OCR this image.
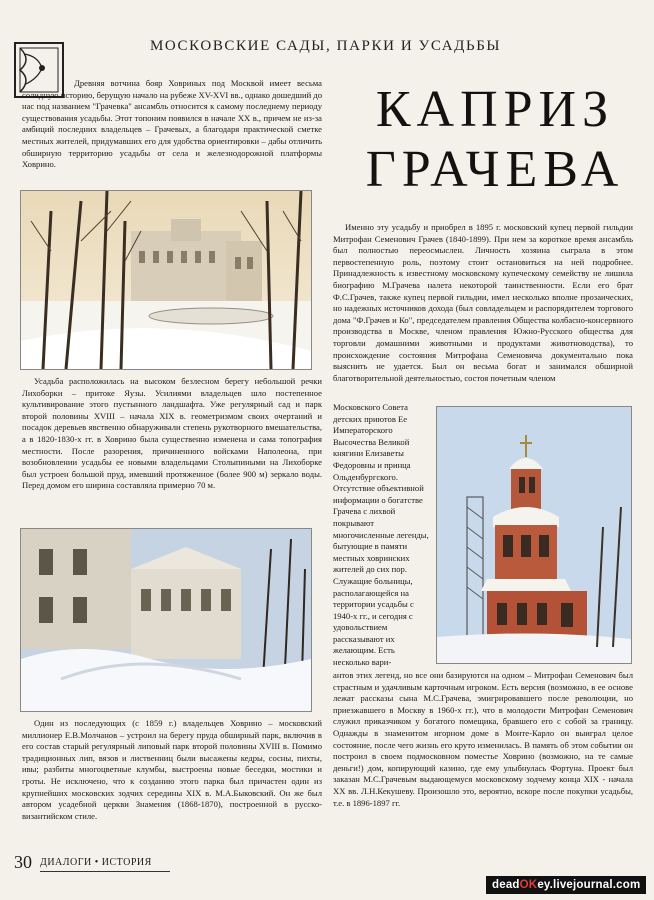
МОСКОВСКИЕ САДЫ, ПАРКИ И УСАДЬБЫ
КАПРИЗ
ГРАЧЕВА

Древняя вотчина бояр Ховриных под Москвой имеет весьма солидную историю, берущую начало на рубеже XV-XVI вв., однако дошедший до нас под названием "Грачевка" ансамбль относится к самому последнему периоду существования усадьбы. Этот топоним появился в начале XX в., причем не из-за амбиций последних владельцев – Грачевых, а благодаря практической сметке местных жителей, придумавших его для удобства ориентировки – дабы отличить обширную территорию усадьбы от села и железнодорожной платформы Ховрино.

Усадьба расположилась на высоком безлесном берегу небольшой речки Лихоборки – притоке Яузы. Усилиями владельцев шло постепенное культивирование этого пустынного ландшафта. Уже регулярный сад и парк второй половины XVIII – начала XIX в. геометризмом своих очертаний и посадок деревьев явственно обнаруживали степень рукотворного вмешательства, а в 1820-1830-х гг. в Ховрино была существенно изменена и сама топография местности. После разорения, причиненного войсками Наполеона, при возобновлении усадьбы ее новыми владельцами Столыпиными на Лихоборке был устроен большой пруд, имевший протяженное (более 900 м) зеркало воды. Перед домом его ширина составляла примерно 70 м.

Один из последующих (с 1859 г.) владельцев Ховрино – московский миллионер Е.В.Молчанов – устроил на берегу пруда обширный парк, включив в его состав старый регулярный липовый парк второй половины XVIII в. Помимо традиционных лип, вязов и лиственниц были высажены кедры, сосны, пихты, ивы; разбиты многоцветные клумбы, выстроены новые беседки, мостики и гроты. Не исключено, что к созданию этого парка был причастен один из крупнейших московских зодчих середины XIX в. М.А.Быковский. Он же был автором усадебной церкви Знамения (1868-1870), построенной в русско-византийском стиле.

Именно эту усадьбу и приобрел в 1895 г. московский купец первой гильдии Митрофан Семенович Грачев (1840-1899). При нем за короткое время ансамбль был полностью переосмыслен. Личность хозяина сыграла в этом первостепенную роль, поэтому стоит остановиться на ней подробнее. Принадлежность к известному московскому купеческому семейству не лишила биографию М.Грачева налета некоторой таинственности. Если его брат Ф.С.Грачев, также купец первой гильдии, имел несколько вполне прозаических, но надежных источников дохода (был совладельцем и распорядителем торгового дома "Ф.Грачев и Ко", председателем правления Общества колбасно-консервного производства в Москве, членом правления Южно-Русского общества для торговли домашними животными и продуктами животноводства), то происхождение состояния Митрофана Семеновича документально пока выяснить не удается. Был он весьма богат и занимался обширной благотворительной деятельностью, состоя почетным членом

Московского Совета детских приютов Ее Императорского Высочества Великой княгини Елизаветы Федоровны и принца Ольденбургского. Отсутствие объективной информации о богатстве Грачева с лихвой покрывают многочисленные легенды, бытующие в памяти местных ховринских жителей до сих пор. Служащие больницы, располагающейся на территории усадьбы с 1940-х гг., и сегодня с удовольствием рассказывают их желающим. Есть несколько вари-

антов этих легенд, но все они базируются на одном – Митрофан Семенович был страстным и удачливым карточным игроком. Есть версия (возможно, в ее основе лежат рассказы сына М.С.Грачева, эмигрировавшего после революции, но приезжавшего в Москву в 1960-х гг.), что в молодости Митрофан Семенович служил приказчиком у богатого помещика, бравшего его с собой за границу. Однажды в знаменитом игорном доме в Монте-Карло он выиграл целое состояние, после чего жизнь его круто изменилась. В память об этом событии он построил в своем подмосковном поместье Ховрино (возможно, на те самые деньги!) дом, копирующий казино, где ему улыбнулась Фортуна. Проект был заказан М.С.Грачевым выдающемуся московскому зодчему конца XIX - начала XX вв. Л.Н.Кекушеву. Произошло это, вероятно, вскоре после покупки усадьбы, т.е. в 1896-1897 гг.

30 ДИАЛОГИ • ИСТОРИЯ
deadOKey.livejournal.com
